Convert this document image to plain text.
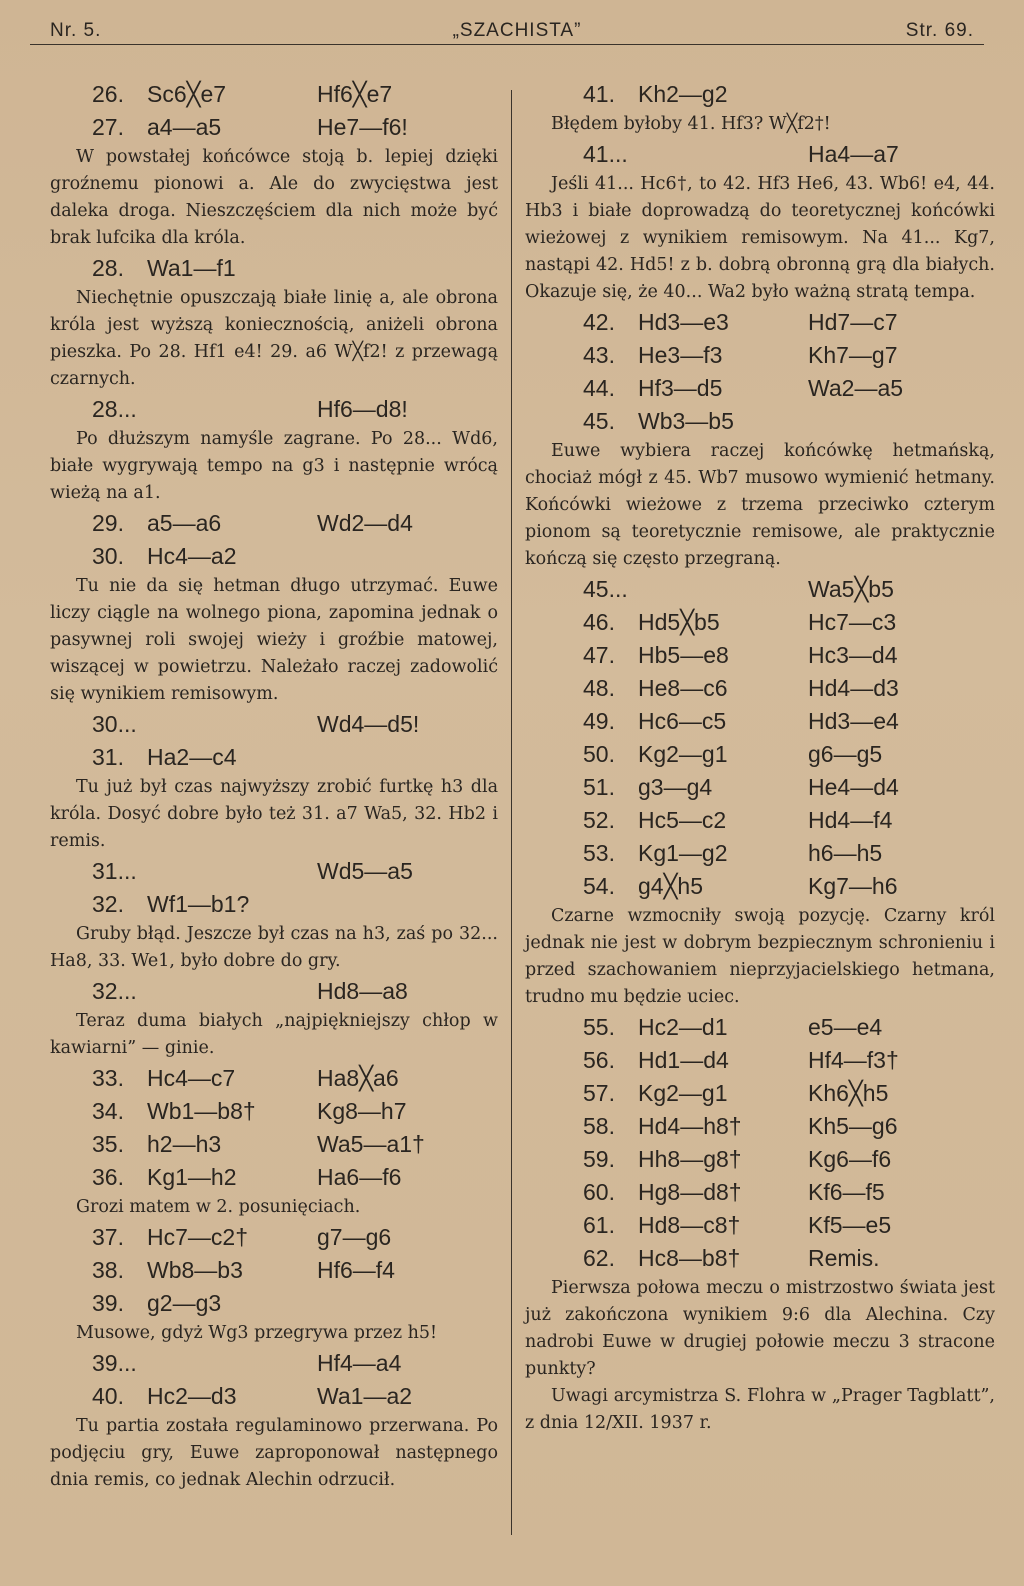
Nr. 5.	„SZACHISTA”	Str. 69.
26.	Sc6╳e7	Hf6╳e7
27.	a4—a5	He7—f6!

W powstałej końcówce stoją b. lepiej dzięki groźnemu pionowi a. Ale do zwycięstwa jest daleka droga. Nieszczęściem dla nich może być brak lufcika dla króla.

28.	Wa1—f1

Niechętnie opuszczają białe linię a, ale obrona króla jest wyższą koniecznością, aniżeli obrona pieszka. Po 28. Hf1 e4! 29. a6 W╳f2! z przewagą czarnych.

28...	Hf6—d8!

Po dłuższym namyśle zagrane. Po 28... Wd6, białe wygrywają tempo na g3 i następnie wrócą wieżą na a1.

29.	a5—a6	Wd2—d4
30.	Hc4—a2

Tu nie da się hetman długo utrzymać. Euwe liczy ciągle na wolnego piona, zapomina jednak o pasywnej roli swojej wieży i groźbie matowej, wiszącej w powietrzu. Należało raczej zadowolić się wynikiem remisowym.

30...	Wd4—d5!
31.	Ha2—c4

Tu już był czas najwyższy zrobić furtkę h3 dla króla. Dosyć dobre było też 31. a7 Wa5, 32. Hb2 i remis.

31...	Wd5—a5
32.	Wf1—b1?

Gruby błąd. Jeszcze był czas na h3, zaś po 32... Ha8, 33. We1, było dobre do gry.

32...	Hd8—a8

Teraz duma białych „najpiękniejszy chłop w kawiarni” — ginie.

33.	Hc4—c7	Ha8╳a6
34.	Wb1—b8†	Kg8—h7
35.	h2—h3	Wa5—a1†
36.	Kg1—h2	Ha6—f6

Grozi matem w 2. posunięciach.

37.	Hc7—c2†	g7—g6
38.	Wb8—b3	Hf6—f4
39.	g2—g3

Musowe, gdyż Wg3 przegrywa przez h5!

39...	Hf4—a4
40.	Hc2—d3	Wa1—a2

Tu partia została regulaminowo przerwana. Po podjęciu gry, Euwe zaproponował następnego dnia remis, co jednak Alechin odrzucił.

41.	Kh2—g2

Błędem byłoby 41. Hf3? W╳f2†!

41...	Ha4—a7

Jeśli 41... Hc6†, to 42. Hf3 He6, 43. Wb6! e4, 44. Hb3 i białe doprowadzą do teoretycznej końcówki wieżowej z wynikiem remisowym. Na 41... Kg7, nastąpi 42. Hd5! z b. dobrą obronną grą dla białych. Okazuje się, że 40... Wa2 było ważną stratą tempa.

42.	Hd3—e3	Hd7—c7
43.	He3—f3	Kh7—g7
44.	Hf3—d5	Wa2—a5
45.	Wb3—b5

Euwe wybiera raczej końcówkę hetmańską, chociaż mógł z 45. Wb7 musowo wymienić hetmany. Końcówki wieżowe z trzema przeciwko czterym pionom są teoretycznie remisowe, ale praktycznie kończą się często przegraną.

45...	Wa5╳b5
46.	Hd5╳b5	Hc7—c3
47.	Hb5—e8	Hc3—d4
48.	He8—c6	Hd4—d3
49.	Hc6—c5	Hd3—e4
50.	Kg2—g1	g6—g5
51.	g3—g4	He4—d4
52.	Hc5—c2	Hd4—f4
53.	Kg1—g2	h6—h5
54.	g4╳h5	Kg7—h6

Czarne wzmocniły swoją pozycję. Czarny król jednak nie jest w dobrym bezpiecznym schronieniu i przed szachowaniem nieprzyjacielskiego hetmana, trudno mu będzie uciec.

55.	Hc2—d1	e5—e4
56.	Hd1—d4	Hf4—f3†
57.	Kg2—g1	Kh6╳h5
58.	Hd4—h8†	Kh5—g6
59.	Hh8—g8†	Kg6—f6
60.	Hg8—d8†	Kf6—f5
61.	Hd8—c8†	Kf5—e5
62.	Hc8—b8†	Remis.

Pierwsza połowa meczu o mistrzostwo świata jest już zakończona wynikiem 9:6 dla Alechina. Czy nadrobi Euwe w drugiej połowie meczu 3 stracone punkty?

Uwagi arcymistrza S. Flohra w „Prager Tagblatt”, z dnia 12/XII. 1937 r.
